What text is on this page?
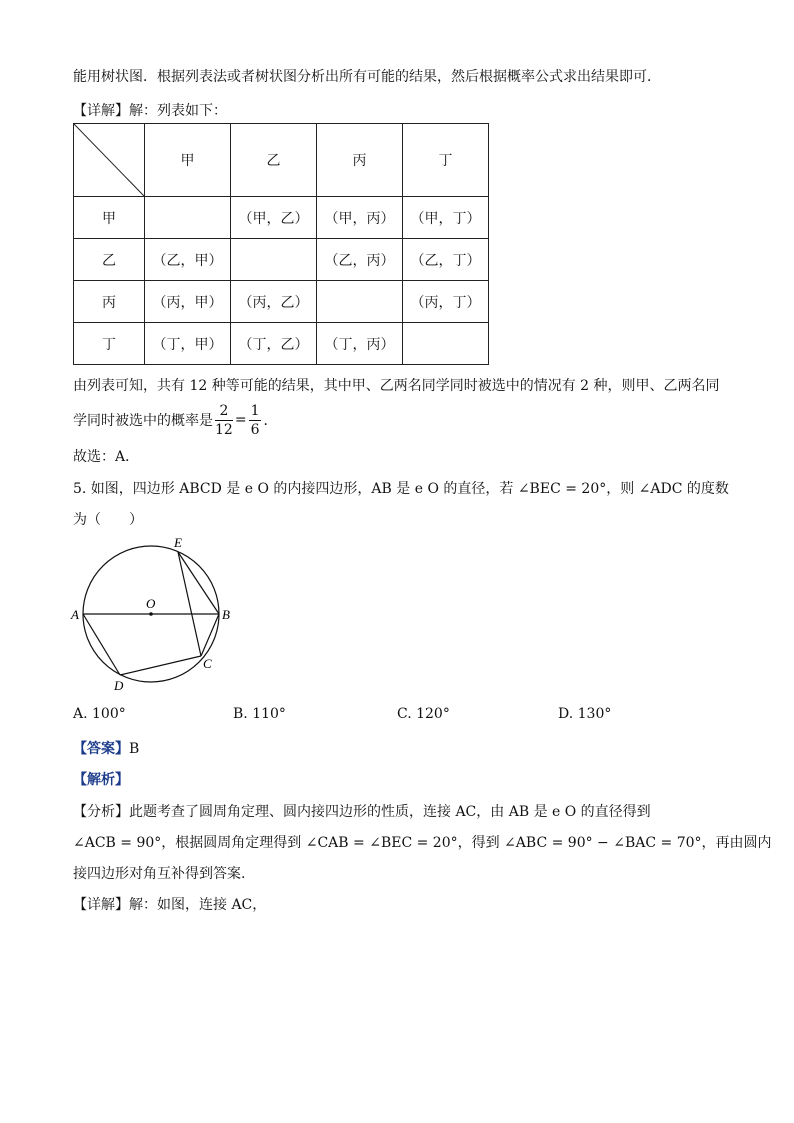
能用树状图．根据列表法或者树状图分析出所有可能的结果，然后根据概率公式求出结果即可．
【详解】解：列表如下：
	甲	乙	丙	丁
甲		（甲，乙）	（甲，丙）	（甲，丁）
乙	（乙，甲）		（乙，丙）	（乙，丁）
丙	（丙，甲）	（丙，乙）		（丙，丁）
丁	（丁，甲）	（丁，乙）	（丁，丙）	
由列表可知，共有 12 种等可能的结果，其中甲、乙两名同学同时被选中的情况有 2 种，则甲、乙两名同
学同时被选中的概率是 $\frac{2}{12} = \frac{1}{6}$ ．
故选：A．
5. 如图，四边形 ABCD 是 e O 的内接四边形，AB 是 e O 的直径，若 ∠BEC = 20°，则 ∠ADC 的度数
为（　　）
E
O
A	B
C
D
A. 100°	B. 110°	C. 120°	D. 130°
【答案】B
【解析】
【分析】此题考查了圆周角定理、圆内接四边形的性质，连接 AC，由 AB 是 e O 的直径得到
∠ACB = 90°，根据圆周角定理得到 ∠CAB = ∠BEC = 20°，得到 ∠ABC = 90° − ∠BAC = 70°，再由圆内
接四边形对角互补得到答案.
【详解】解：如图，连接 AC，
